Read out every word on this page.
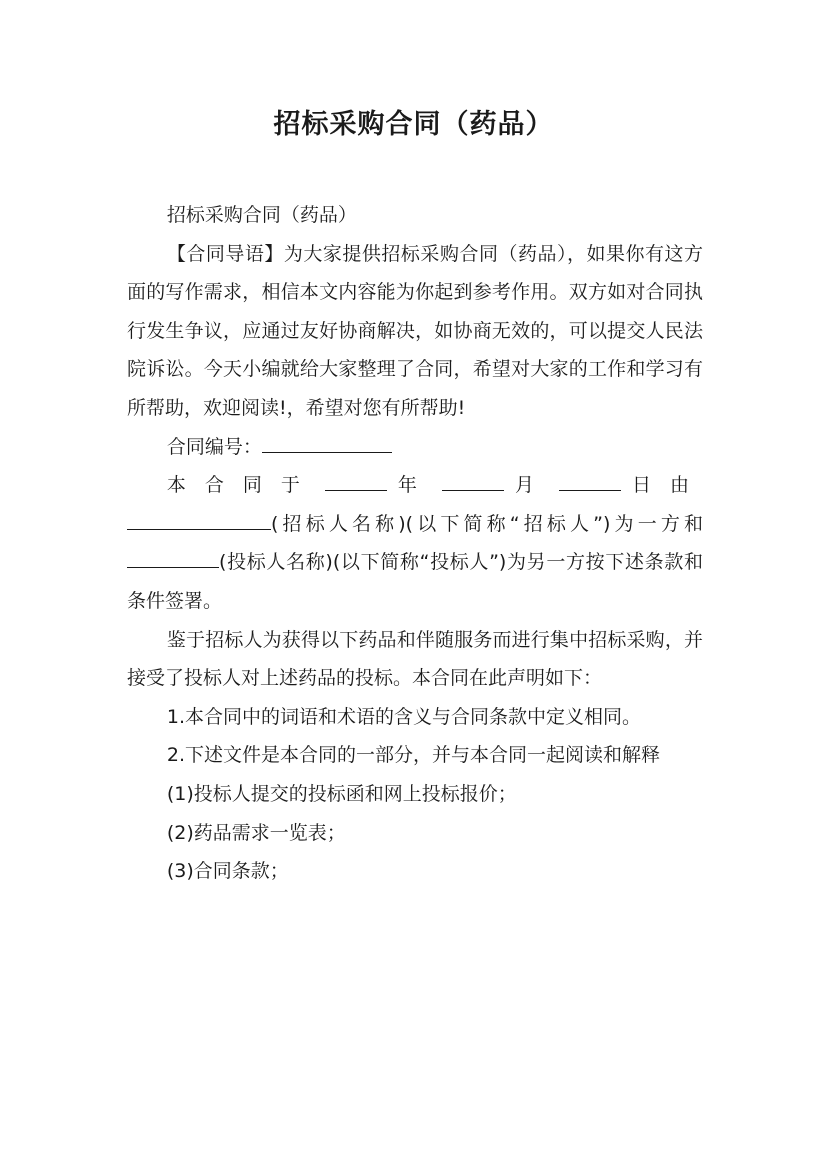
招标采购合同（药品）

招标采购合同（药品）

【合同导语】为大家提供招标采购合同（药品），如果你有这方面的写作需求，相信本文内容能为你起到参考作用。双方如对合同执行发生争议，应通过友好协商解决，如协商无效的，可以提交人民法院诉讼。今天小编就给大家整理了合同，希望对大家的工作和学习有所帮助，欢迎阅读!，希望对您有所帮助!

合同编号：

本合同于	年	月	日由(招标人名称)(以下简称“招标人”)为一方和(投标人名称)(以下简称“投标人”)为另一方按下述条款和条件签署。

鉴于招标人为获得以下药品和伴随服务而进行集中招标采购，并接受了投标人对上述药品的投标。本合同在此声明如下：

1.本合同中的词语和术语的含义与合同条款中定义相同。

2.下述文件是本合同的一部分，并与本合同一起阅读和解释

(1)投标人提交的投标函和网上投标报价；

(2)药品需求一览表；

(3)合同条款；
